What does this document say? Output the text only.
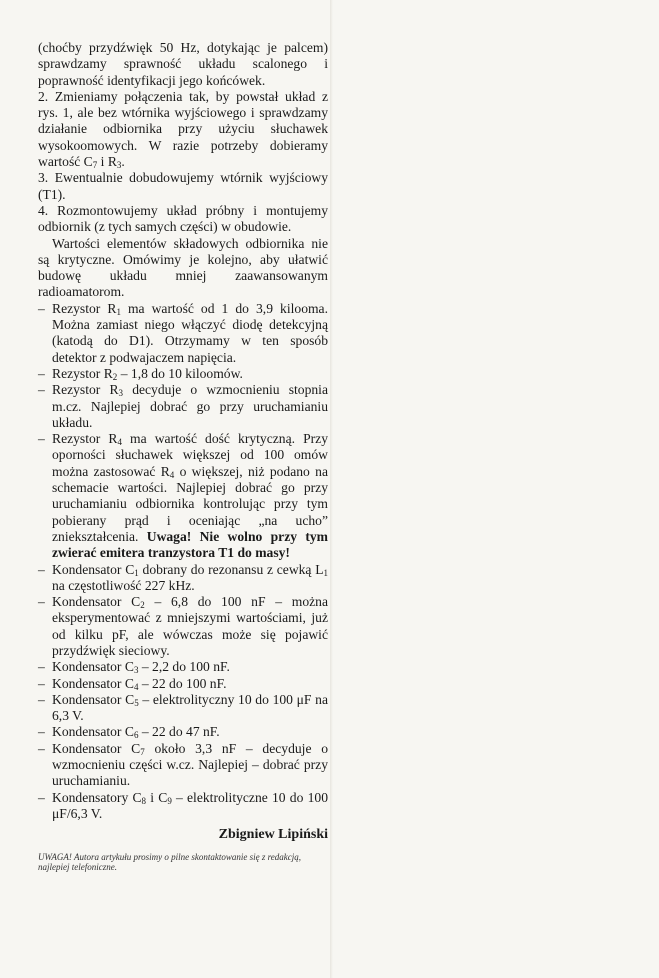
(choćby przydźwięk 50 Hz, dotykając je palcem) sprawdzamy sprawność układu scalonego i poprawność identyfikacji jego końcówek.

2. Zmieniamy połączenia tak, by powstał układ z rys. 1, ale bez wtórnika wyjściowego i sprawdzamy działanie odbiornika przy użyciu słuchawek wysokoomowych. W razie potrzeby dobieramy wartość $C_7$ i $R_3$.

3. Ewentualnie dobudowujemy wtórnik wyjściowy (T1).

4. Rozmontowujemy układ próbny i montujemy odbiornik (z tych samych części) w obudowie.

Wartości elementów składowych odbiornika nie są krytyczne. Omówimy je kolejno, aby ułatwić budowę układu mniej zaawansowanym radioamatorom.

– Rezystor $R_1$ ma wartość od 1 do 3,9 kiloomа. Można zamiast niego włączyć diodę detekcyjną (katodą do D1). Otrzymamy w ten sposób detektor z podwajaczem napięcia.
– Rezystor $R_2 - 1,8$ do 10 kiloomów.
– Rezystor $R_3$ decyduje o wzmocnieniu stopnia m.cz. Najlepiej dobrać go przy uruchamianiu układu.
– Rezystor $R_4$ ma wartość dość krytyczną. Przy oporności słuchawek większej od 100 omów można zastosować $R_4$ o większej, niż podano na schemacie wartości. Najlepiej dobrać go przy uruchamianiu odbiornika kontrolując przy tym pobierany prąd i oceniając „na ucho” zniekształcenia. Uwaga! Nie wolno przy tym zwierać emitera tranzystora T1 do masy!
– Kondensator $C_1$ dobrany do rezonansu z cewką $L_1$ na częstotliwość 227 kHz.
– Kondensator $C_2 - 6,8$ do 100 nF – można eksperymentować z mniejszymi wartościami, już od kilku pF, ale wówczas może się pojawić przydźwięk sieciowy.
– Kondensator $C_3 - 2,2$ do 100 nF.
– Kondensator $C_4 - 22$ do 100 nF.
– Kondensator $C_5$ – elektrolityczny 10 do 100 μF na 6,3 V.
– Kondensator $C_6 - 22$ do 47 nF.
– Kondensator $C_7$ około 3,3 nF – decyduje o wzmocnieniu części w.cz. Najlepiej – dobrać przy uruchamianiu.
– Kondensatory $C_8$ i $C_9$ – elektrolityczne 10 do 100 μF/6,3 V.
Zbigniew Lipiński
UWAGA! Autora artykułu prosimy o pilne skontaktowanie się z redakcją, najlepiej telefoniczne.
